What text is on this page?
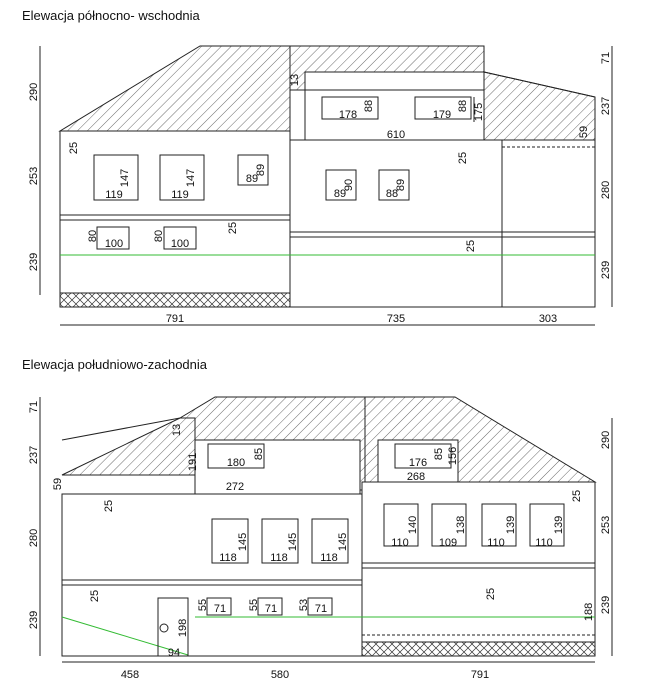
Elewacja północno- wschodnia
Elewacja południowo-zachodnia
290
253
239
71
237
59
280
239
791	735	303
13
178
88
179
88 175
610
25
25
25
25
119
147
119
147	89
89
89
90
88
89
100
80
100
80
71
237
59
280
239
290
253
239
458	580	791
13
191	180
85
272
176
85 156
268
25
25
25	25
118
145
118
145
118
145	110
140
109
138
110
139
110
139
71
55	71
55	71
53
94
198
188
